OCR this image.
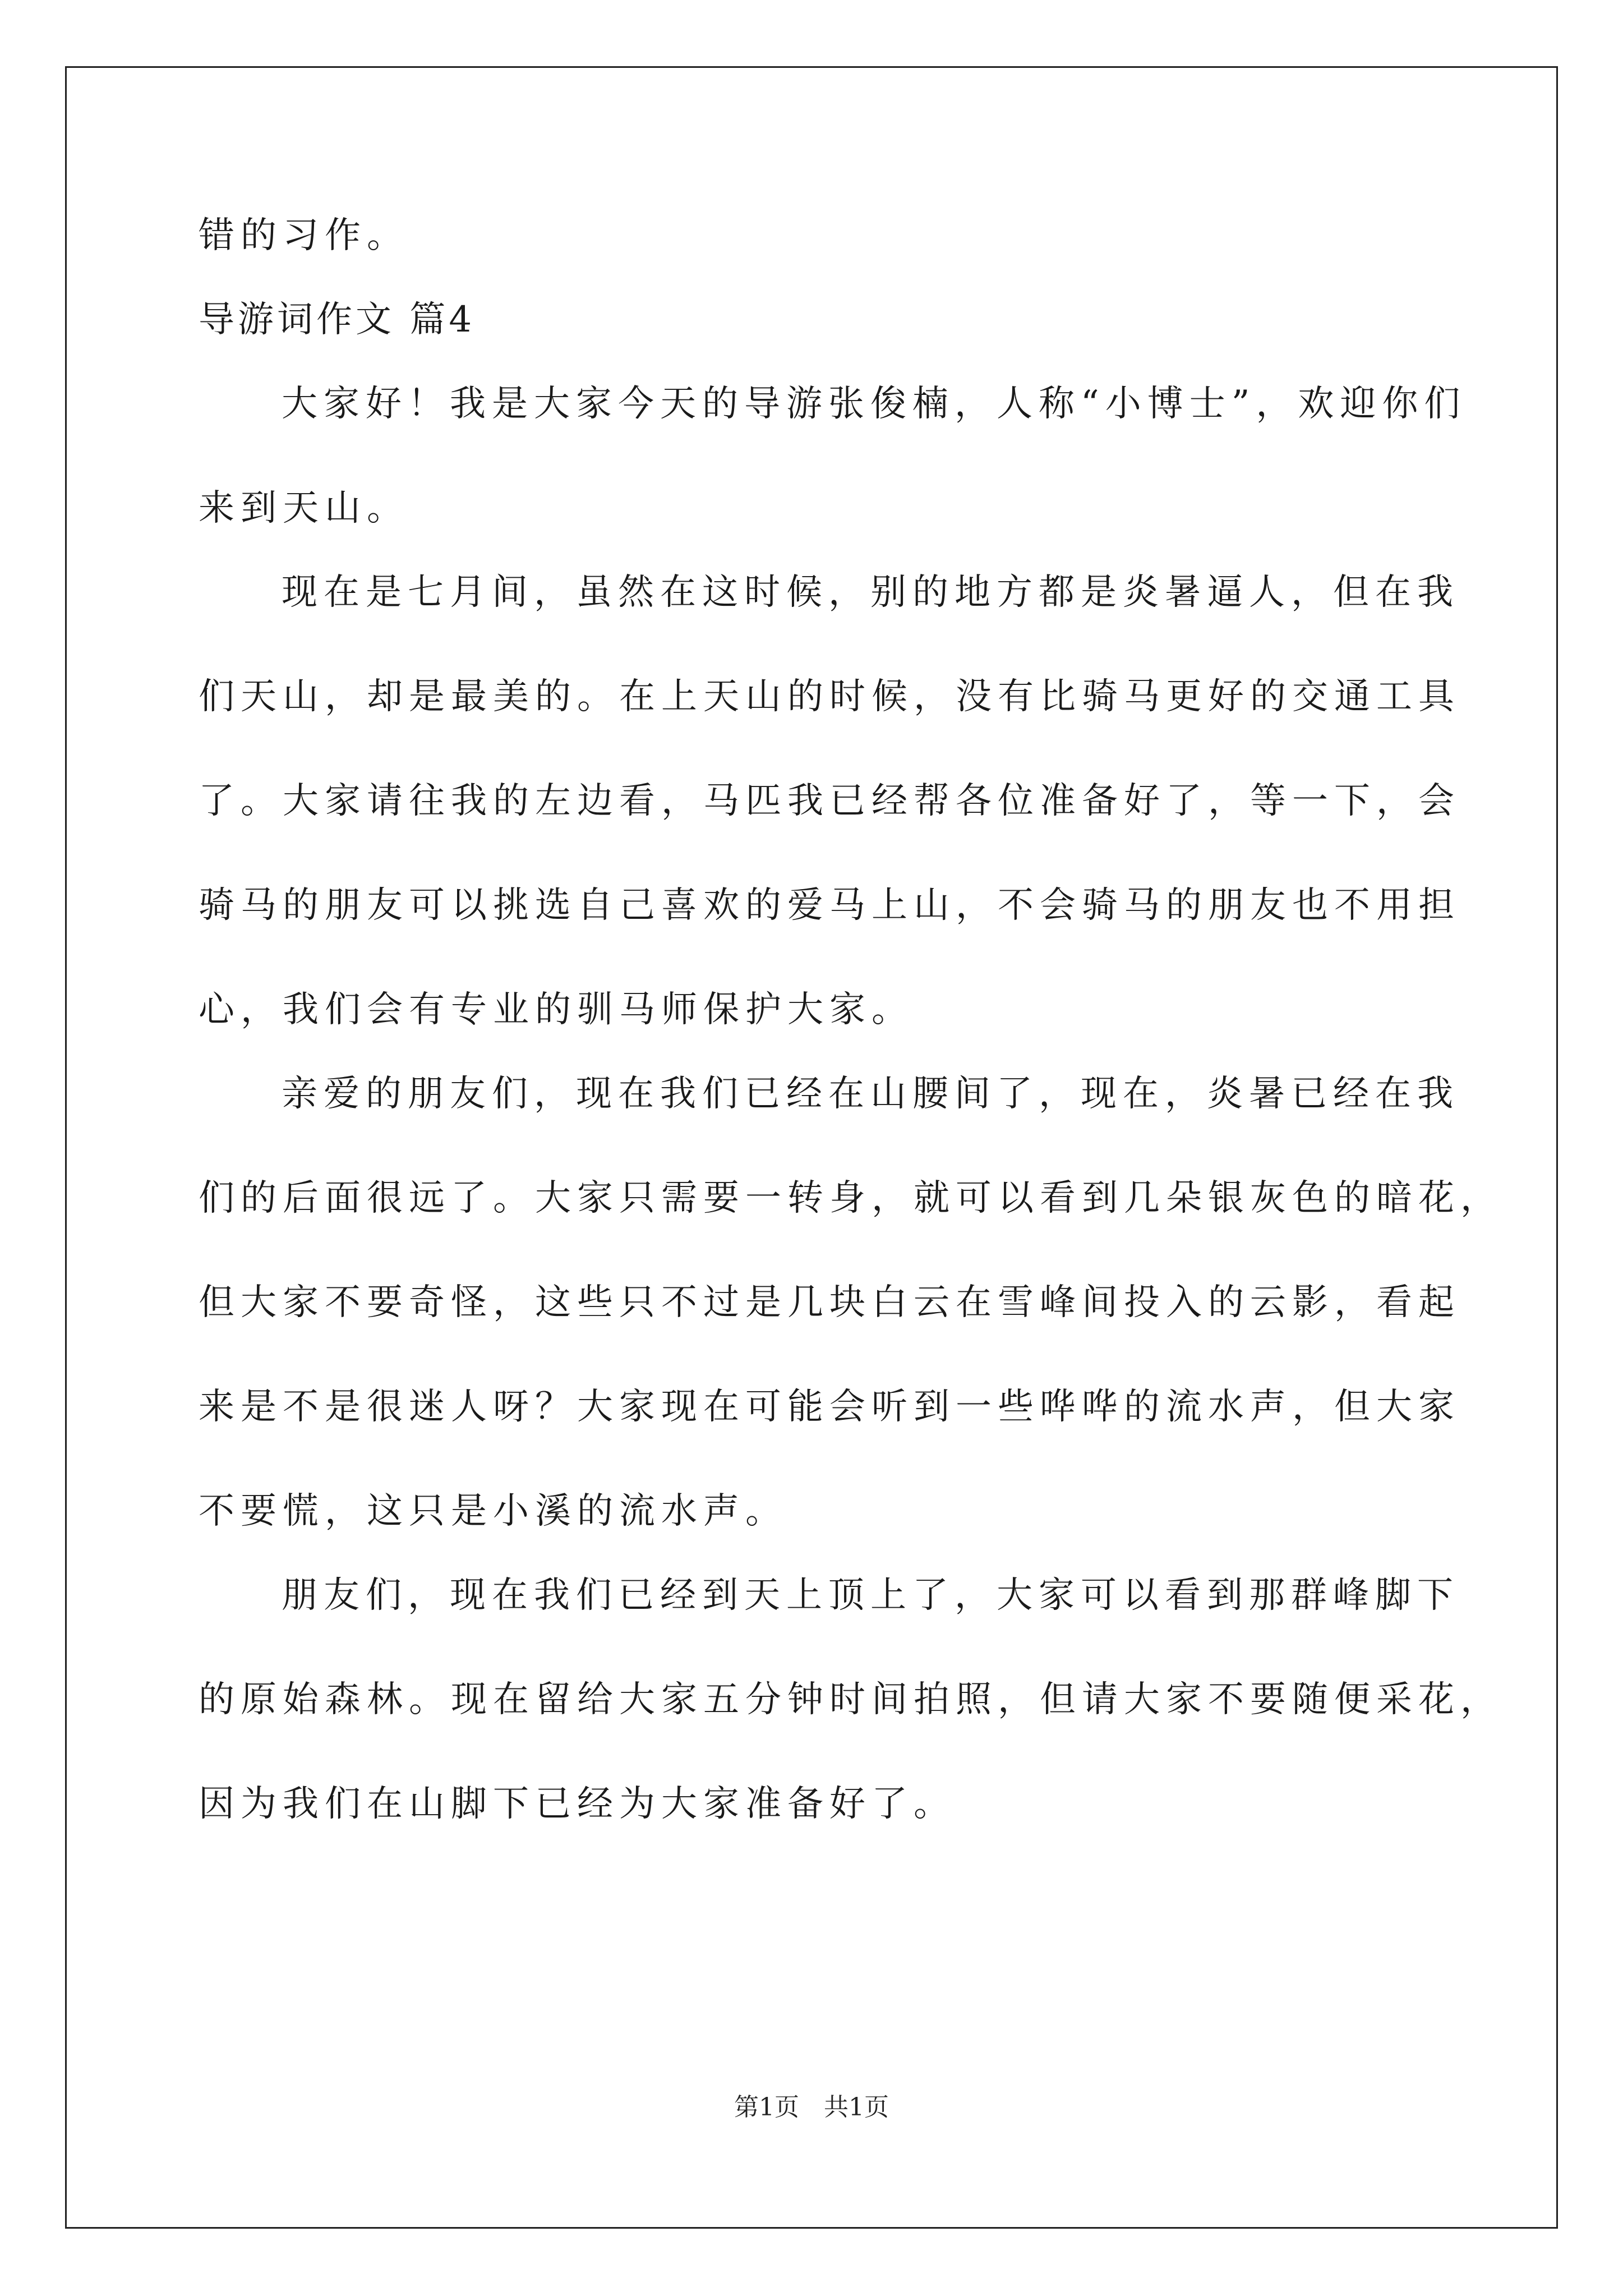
错的习作。
导游词作文 篇4
大家好！我是大家今天的导游张俊楠，人称“小博士”，欢迎你们
来到天山。
现在是七月间，虽然在这时候，别的地方都是炎暑逼人，但在我
们天山，却是最美的。在上天山的时候，没有比骑马更好的交通工具
了。大家请往我的左边看，马匹我已经帮各位准备好了，等一下，会
骑马的朋友可以挑选自己喜欢的爱马上山，不会骑马的朋友也不用担
心，我们会有专业的驯马师保护大家。
亲爱的朋友们，现在我们已经在山腰间了，现在，炎暑已经在我
们的后面很远了。大家只需要一转身，就可以看到几朵银灰色的暗花，
但大家不要奇怪，这些只不过是几块白云在雪峰间投入的云影，看起
来是不是很迷人呀？大家现在可能会听到一些哗哗的流水声，但大家
不要慌，这只是小溪的流水声。
朋友们，现在我们已经到天上顶上了，大家可以看到那群峰脚下
的原始森林。现在留给大家五分钟时间拍照，但请大家不要随便采花，
因为我们在山脚下已经为大家准备好了。
第1页　共1页
